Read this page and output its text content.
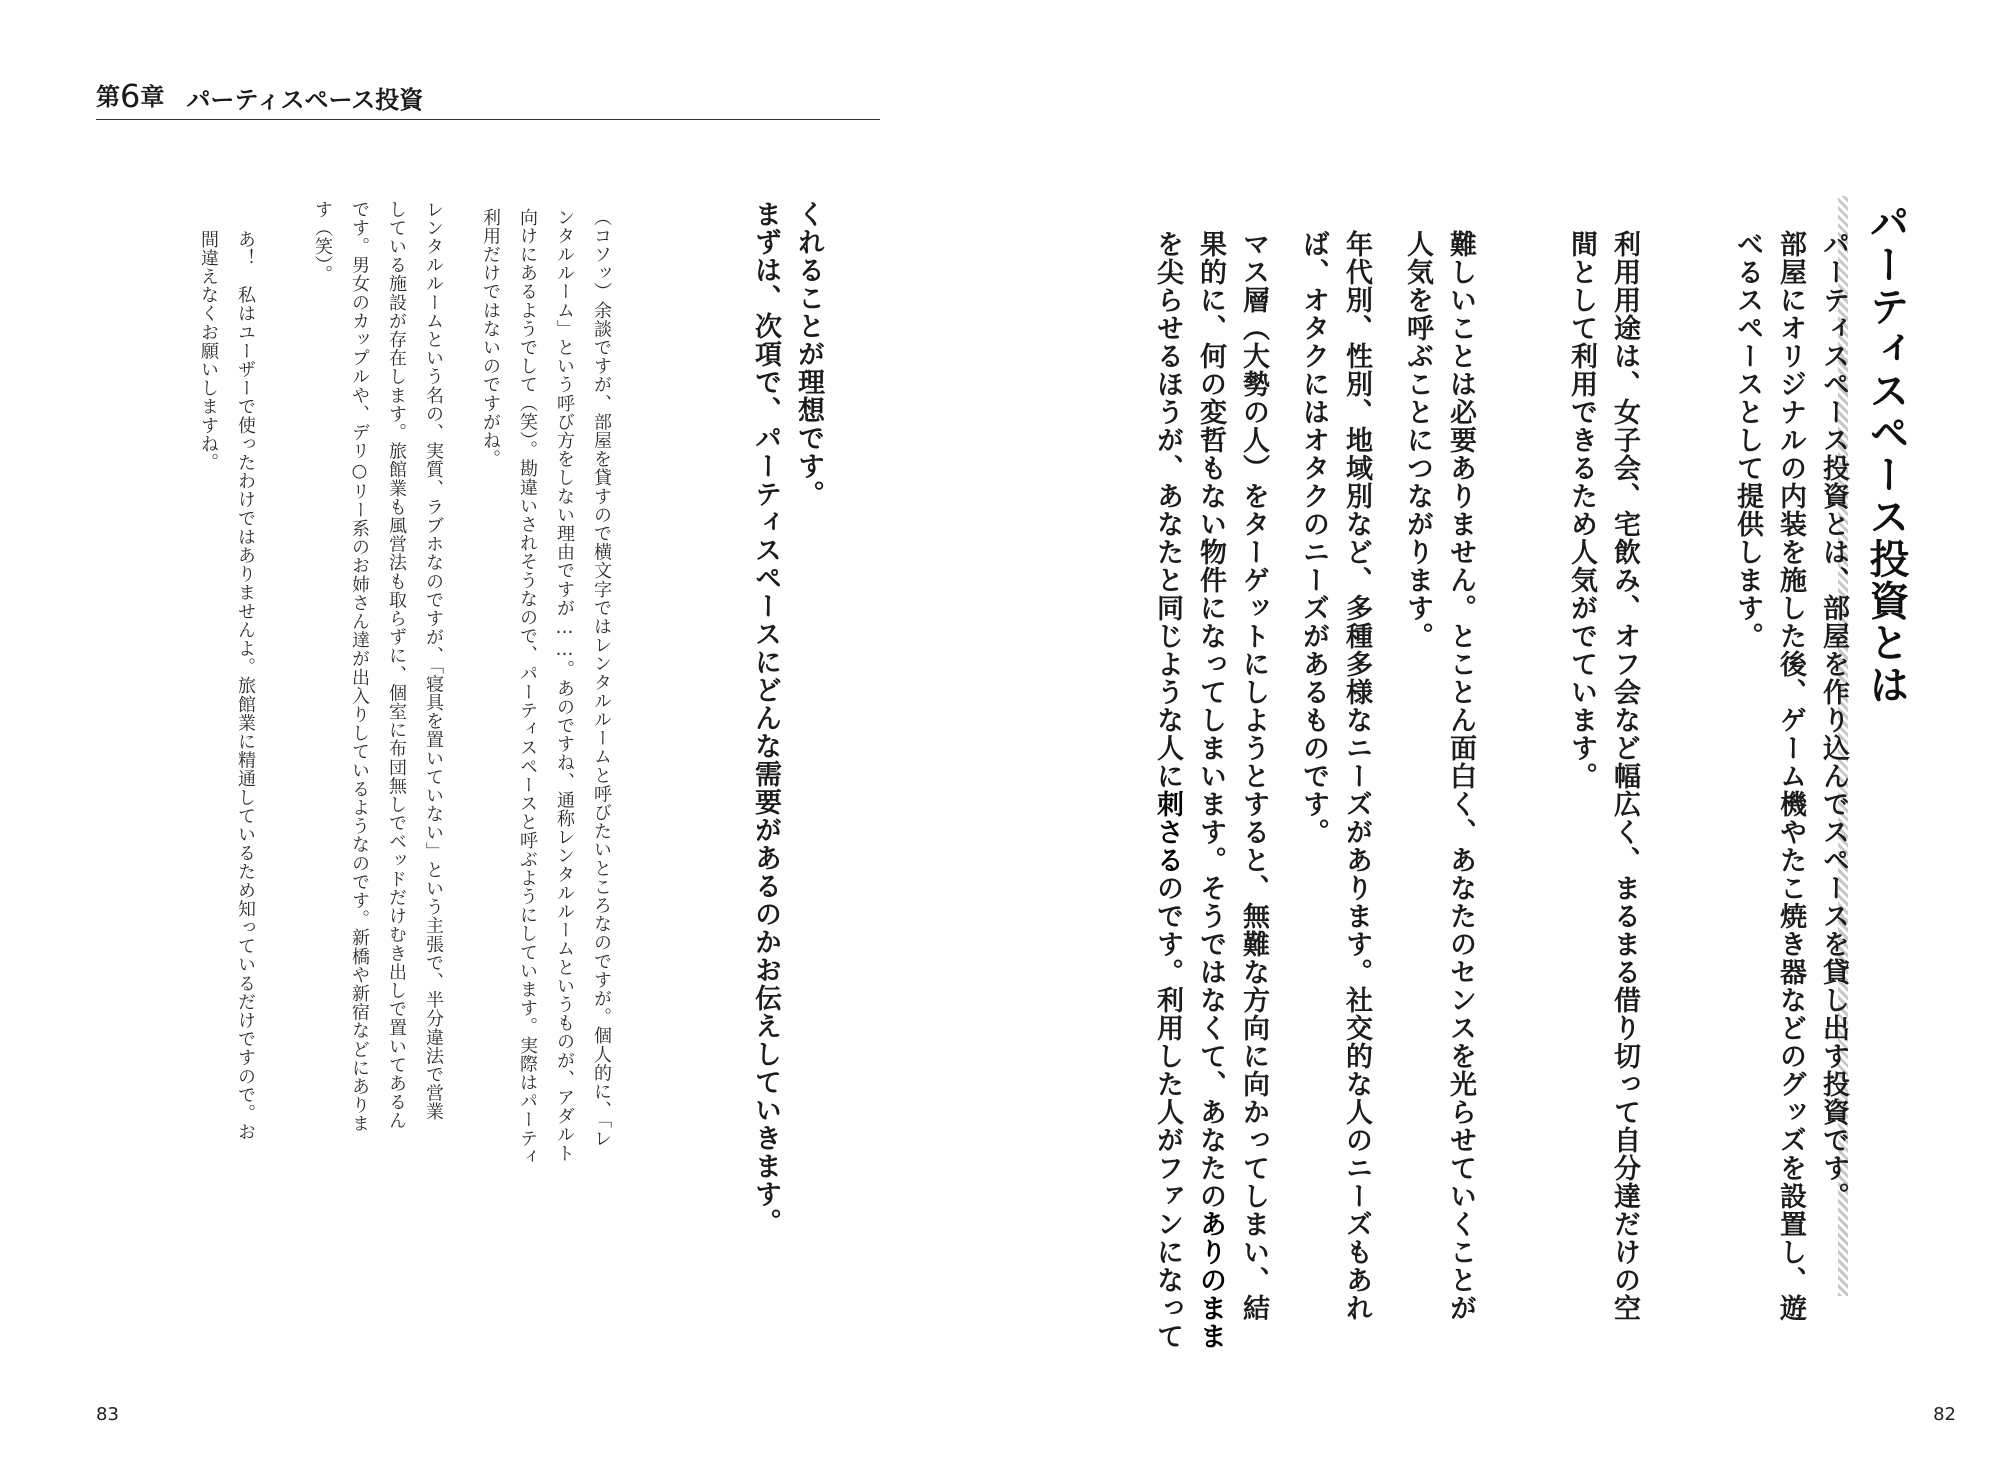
第6章 パーティスペース投資
くれることが理想です。
まずは、次項で、パーティスペースにどんな需要があるのかお伝えしていきます。
（コソッ）余談ですが、部屋を貸すので横文字ではレンタルルームと呼びたいところなのですが。個人的に、「レ
ンタルルーム」という呼び方をしない理由ですが……。あのですね、通称レンタルルームというものが、アダルト
向けにあるようでして（笑）。勘違いされそうなので、パーティスペースと呼ぶようにしています。実際はパーティ
利用だけではないのですがね。
レンタルルームという名の、実質、ラブホなのですが、「寝具を置いていない」という主張で、半分違法で営業
している施設が存在します。旅館業も風営法も取らずに、個室に布団無しでベッドだけむき出しで置いてあるん
です。男女のカップルや、デリ○リー系のお姉さん達が出入りしているようなのです。新橋や新宿などにありま
す（笑）。
あ！　私はユーザーで使ったわけではありませんよ。旅館業に精通しているため知っているだけですので。お
間違えなくお願いしますね。
83	82
パーティスペース投資とは
パーティスペース投資とは、部屋を作り込んでスペースを貸し出す投資です。
部屋にオリジナルの内装を施した後、ゲーム機やたこ焼き器などのグッズを設置し、遊
べるスペースとして提供します。
利用用途は、女子会、宅飲み、オフ会など幅広く、まるまる借り切って自分達だけの空
間として利用できるため人気がでています。
難しいことは必要ありません。とことん面白く、あなたのセンスを光らせていくことが
人気を呼ぶことにつながります。
年代別、性別、地域別など、多種多様なニーズがあります。社交的な人のニーズもあれ
ば、オタクにはオタクのニーズがあるものです。
マス層（大勢の人）をターゲットにしようとすると、無難な方向に向かってしまい、結
果的に、何の変哲もない物件になってしまいます。そうではなくて、あなたのありのまま
を尖らせるほうが、あなたと同じような人に刺さるのです。利用した人がファンになって
